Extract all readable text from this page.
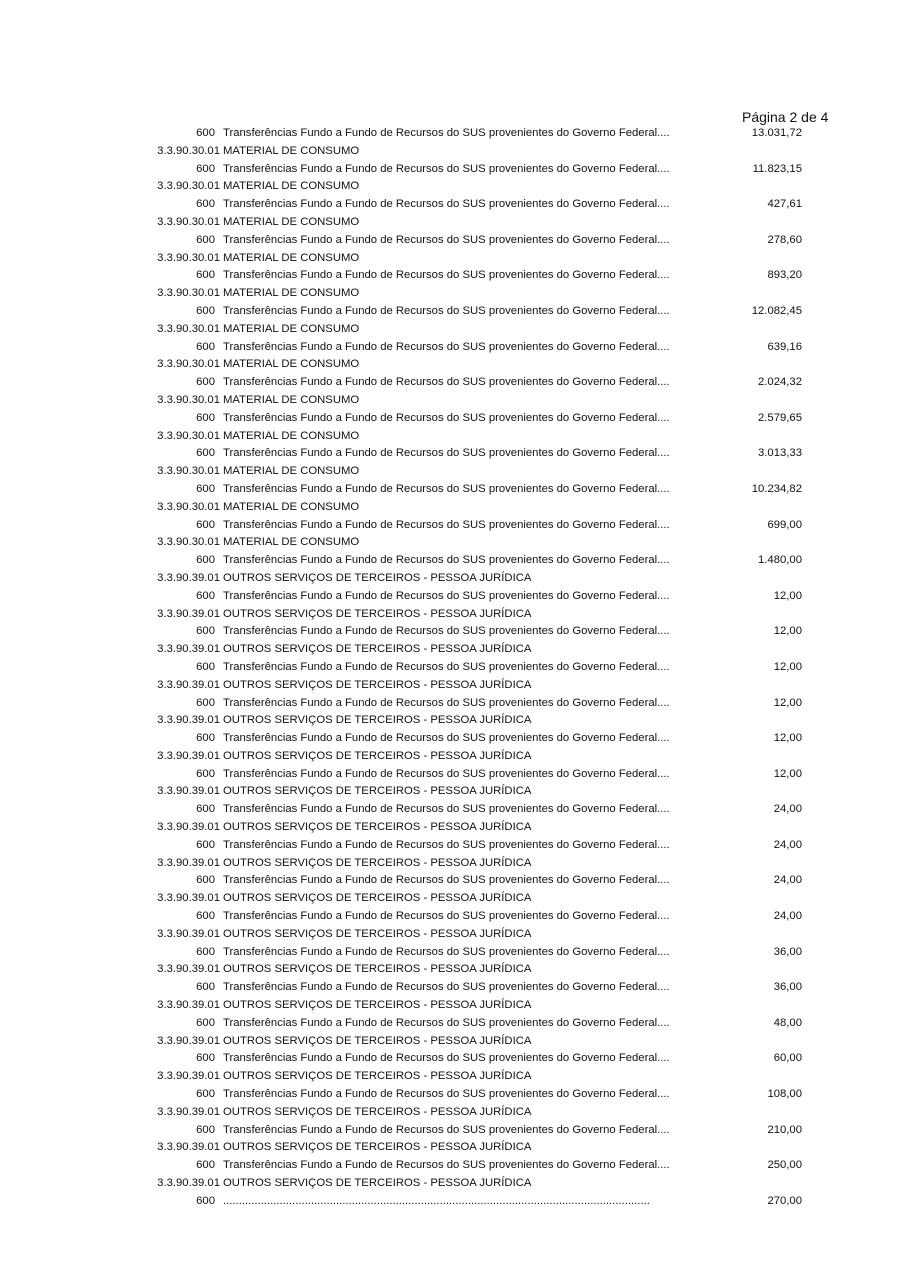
Página 2 de 4
600 Transferências Fundo a Fundo de Recursos do SUS provenientes do Governo Federal....	13.031,72
3.3.90.30.01 MATERIAL DE CONSUMO
600 Transferências Fundo a Fundo de Recursos do SUS provenientes do Governo Federal....	11.823,15
3.3.90.30.01 MATERIAL DE CONSUMO
600 Transferências Fundo a Fundo de Recursos do SUS provenientes do Governo Federal....	427,61
3.3.90.30.01 MATERIAL DE CONSUMO
600 Transferências Fundo a Fundo de Recursos do SUS provenientes do Governo Federal....	278,60
3.3.90.30.01 MATERIAL DE CONSUMO
600 Transferências Fundo a Fundo de Recursos do SUS provenientes do Governo Federal....	893,20
3.3.90.30.01 MATERIAL DE CONSUMO
600 Transferências Fundo a Fundo de Recursos do SUS provenientes do Governo Federal....	12.082,45
3.3.90.30.01 MATERIAL DE CONSUMO
600 Transferências Fundo a Fundo de Recursos do SUS provenientes do Governo Federal....	639,16
3.3.90.30.01 MATERIAL DE CONSUMO
600 Transferências Fundo a Fundo de Recursos do SUS provenientes do Governo Federal....	2.024,32
3.3.90.30.01 MATERIAL DE CONSUMO
600 Transferências Fundo a Fundo de Recursos do SUS provenientes do Governo Federal....	2.579,65
3.3.90.30.01 MATERIAL DE CONSUMO
600 Transferências Fundo a Fundo de Recursos do SUS provenientes do Governo Federal....	3.013,33
3.3.90.30.01 MATERIAL DE CONSUMO
600 Transferências Fundo a Fundo de Recursos do SUS provenientes do Governo Federal....	10.234,82
3.3.90.30.01 MATERIAL DE CONSUMO
600 Transferências Fundo a Fundo de Recursos do SUS provenientes do Governo Federal....	699,00
3.3.90.30.01 MATERIAL DE CONSUMO
600 Transferências Fundo a Fundo de Recursos do SUS provenientes do Governo Federal....	1.480,00
3.3.90.39.01 OUTROS SERVIÇOS DE TERCEIROS - PESSOA JURÍDICA
600 Transferências Fundo a Fundo de Recursos do SUS provenientes do Governo Federal....	12,00
3.3.90.39.01 OUTROS SERVIÇOS DE TERCEIROS - PESSOA JURÍDICA
600 Transferências Fundo a Fundo de Recursos do SUS provenientes do Governo Federal....	12,00
3.3.90.39.01 OUTROS SERVIÇOS DE TERCEIROS - PESSOA JURÍDICA
600 Transferências Fundo a Fundo de Recursos do SUS provenientes do Governo Federal....	12,00
3.3.90.39.01 OUTROS SERVIÇOS DE TERCEIROS - PESSOA JURÍDICA
600 Transferências Fundo a Fundo de Recursos do SUS provenientes do Governo Federal....	12,00
3.3.90.39.01 OUTROS SERVIÇOS DE TERCEIROS - PESSOA JURÍDICA
600 Transferências Fundo a Fundo de Recursos do SUS provenientes do Governo Federal....	12,00
3.3.90.39.01 OUTROS SERVIÇOS DE TERCEIROS - PESSOA JURÍDICA
600 Transferências Fundo a Fundo de Recursos do SUS provenientes do Governo Federal....	12,00
3.3.90.39.01 OUTROS SERVIÇOS DE TERCEIROS - PESSOA JURÍDICA
600 Transferências Fundo a Fundo de Recursos do SUS provenientes do Governo Federal....	24,00
3.3.90.39.01 OUTROS SERVIÇOS DE TERCEIROS - PESSOA JURÍDICA
600 Transferências Fundo a Fundo de Recursos do SUS provenientes do Governo Federal....	24,00
3.3.90.39.01 OUTROS SERVIÇOS DE TERCEIROS - PESSOA JURÍDICA
600 Transferências Fundo a Fundo de Recursos do SUS provenientes do Governo Federal....	24,00
3.3.90.39.01 OUTROS SERVIÇOS DE TERCEIROS - PESSOA JURÍDICA
600 Transferências Fundo a Fundo de Recursos do SUS provenientes do Governo Federal....	24,00
3.3.90.39.01 OUTROS SERVIÇOS DE TERCEIROS - PESSOA JURÍDICA
600 Transferências Fundo a Fundo de Recursos do SUS provenientes do Governo Federal....	36,00
3.3.90.39.01 OUTROS SERVIÇOS DE TERCEIROS - PESSOA JURÍDICA
600 Transferências Fundo a Fundo de Recursos do SUS provenientes do Governo Federal....	36,00
3.3.90.39.01 OUTROS SERVIÇOS DE TERCEIROS - PESSOA JURÍDICA
600 Transferências Fundo a Fundo de Recursos do SUS provenientes do Governo Federal....	48,00
3.3.90.39.01 OUTROS SERVIÇOS DE TERCEIROS - PESSOA JURÍDICA
600 Transferências Fundo a Fundo de Recursos do SUS provenientes do Governo Federal....	60,00
3.3.90.39.01 OUTROS SERVIÇOS DE TERCEIROS - PESSOA JURÍDICA
600 Transferências Fundo a Fundo de Recursos do SUS provenientes do Governo Federal....	108,00
3.3.90.39.01 OUTROS SERVIÇOS DE TERCEIROS - PESSOA JURÍDICA
600 Transferências Fundo a Fundo de Recursos do SUS provenientes do Governo Federal....	210,00
3.3.90.39.01 OUTROS SERVIÇOS DE TERCEIROS - PESSOA JURÍDICA
600 Transferências Fundo a Fundo de Recursos do SUS provenientes do Governo Federal....	250,00
3.3.90.39.01 OUTROS SERVIÇOS DE TERCEIROS - PESSOA JURÍDICA
600 ........................................................................................................................................	270,00
